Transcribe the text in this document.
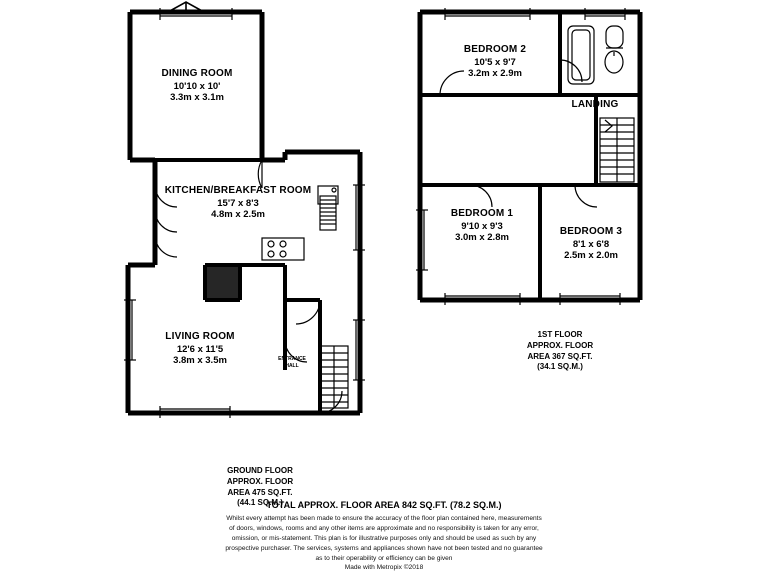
DINING ROOM
10'10 x 10'
3.3m x 3.1m
KITCHEN/BREAKFAST ROOM
15'7 x 8'3
4.8m x 2.5m
LIVING ROOM
12'6 x 11'5
3.8m x 3.5m	ENTRANCE
HALL
BEDROOM 2
10'5 x 9'7
3.2m x 2.9m
LANDING
BEDROOM 1
9'10 x 9'3
3.0m x 2.8m
BEDROOM 3
8'1 x 6'8
2.5m x 2.0m
1ST FLOOR
APPROX. FLOOR
AREA 367 SQ.FT.
(34.1 SQ.M.)
GROUND FLOOR
APPROX. FLOOR
AREA 475 SQ.FT.
(44.1 SQ.M.)
TOTAL APPROX. FLOOR AREA 842 SQ.FT. (78.2 SQ.M.)
Whilst every attempt has been made to ensure the accuracy of the floor plan contained here, measurements
of doors, windows, rooms and any other items are approximate and no responsibility is taken for any error,
omission, or mis-statement. This plan is for illustrative purposes only and should be used as such by any
prospective purchaser. The services, systems and appliances shown have not been tested and no guarantee
as to their operability or efficiency can be given
Made with Metropix ©2018
